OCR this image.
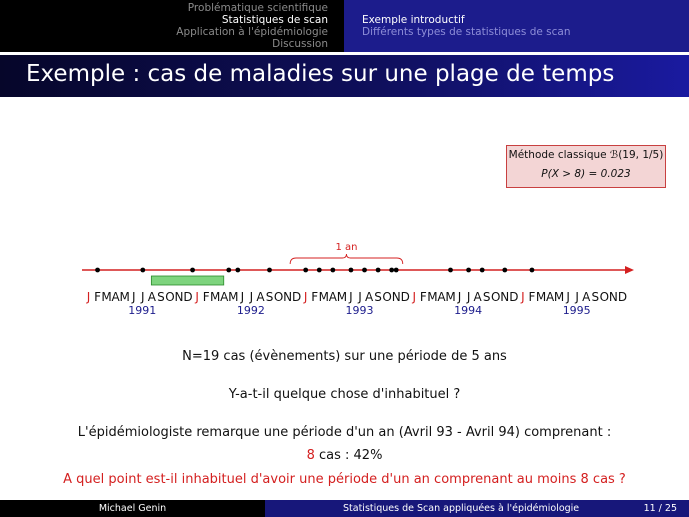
Problématique scientifique
Statistiques de scan
Application à l'épidémiologie
Discussion
Exemple introductif
Différents types de statistiques de scan
Exemple : cas de maladies sur une plage de temps
Méthode classique ℬ(19, 1/5)
P(X > 8) = 0.023
1 an
J F M A M J J A S O N D J F M A M J J A S O N D J F M A M J J A S O N D J F M A M J J A S O N D J F M A M J J A S O N D
1991	1992	1993	1994	1995
N=19 cas (évènements) sur une période de 5 ans
Y-a-t-il quelque chose d'inhabituel ?
L'épidémiologiste remarque une période d'un an (Avril 93 - Avril 94) comprenant :
8 cas : 42%
A quel point est-il inhabituel d'avoir une période d'un an comprenant au moins 8 cas ?
Michael Genin	Statistiques de Scan appliquées à l'épidémiologie	11 / 25
